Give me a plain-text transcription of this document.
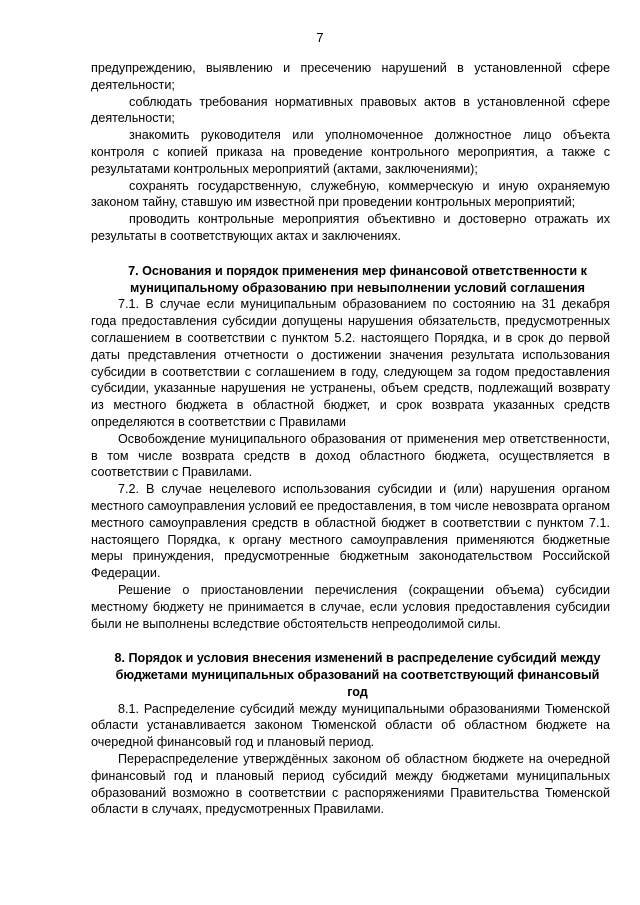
7

предупреждению, выявлению и пресечению нарушений в установленной сфере деятельности;

соблюдать требования нормативных правовых актов в установленной сфере деятельности;

знакомить руководителя или уполномоченное должностное лицо объекта контроля с копией приказа на проведение контрольного мероприятия, а также с результатами контрольных мероприятий (актами, заключениями);

сохранять государственную, служебную, коммерческую и иную охраняемую законом тайну, ставшую им известной при проведении контрольных мероприятий;

проводить контрольные мероприятия объективно и достоверно отражать их результаты в соответствующих актах и заключениях.

7. Основания и порядок применения мер финансовой ответственности к муниципальному образованию при невыполнении условий соглашения

7.1. В случае если муниципальным образованием по состоянию на 31 декабря года предоставления субсидии допущены нарушения обязательств, предусмотренных соглашением в соответствии с пунктом 5.2. настоящего Порядка, и в срок до первой даты представления отчетности о достижении значения результата использования субсидии в соответствии с соглашением в году, следующем за годом предоставления субсидии, указанные нарушения не устранены, объем средств, подлежащий возврату из местного бюджета в областной бюджет, и срок возврата указанных средств определяются в соответствии с Правилами

Освобождение муниципального образования от применения мер ответственности, в том числе возврата средств в доход областного бюджета, осуществляется в соответствии с Правилами.

7.2. В случае нецелевого использования субсидии и (или) нарушения органом местного самоуправления условий ее предоставления, в том числе невозврата органом местного самоуправления средств в областной бюджет в соответствии с пунктом 7.1. настоящего Порядка, к органу местного самоуправления применяются бюджетные меры принуждения, предусмотренные бюджетным законодательством Российской Федерации.

Решение о приостановлении перечисления (сокращении объема) субсидии местному бюджету не принимается в случае, если условия предоставления субсидии были не выполнены вследствие обстоятельств непреодолимой силы.

8. Порядок и условия внесения изменений в распределение субсидий между бюджетами муниципальных образований на соответствующий финансовый год

8.1. Распределение субсидий между муниципальными образованиями Тюменской области устанавливается законом Тюменской области об областном бюджете на очередной финансовый год и плановый период.

Перераспределение утверждённых законом об областном бюджете на очередной финансовый год и плановый период субсидий между бюджетами муниципальных образований возможно в соответствии с распоряжениями Правительства Тюменской области в случаях, предусмотренных Правилами.
